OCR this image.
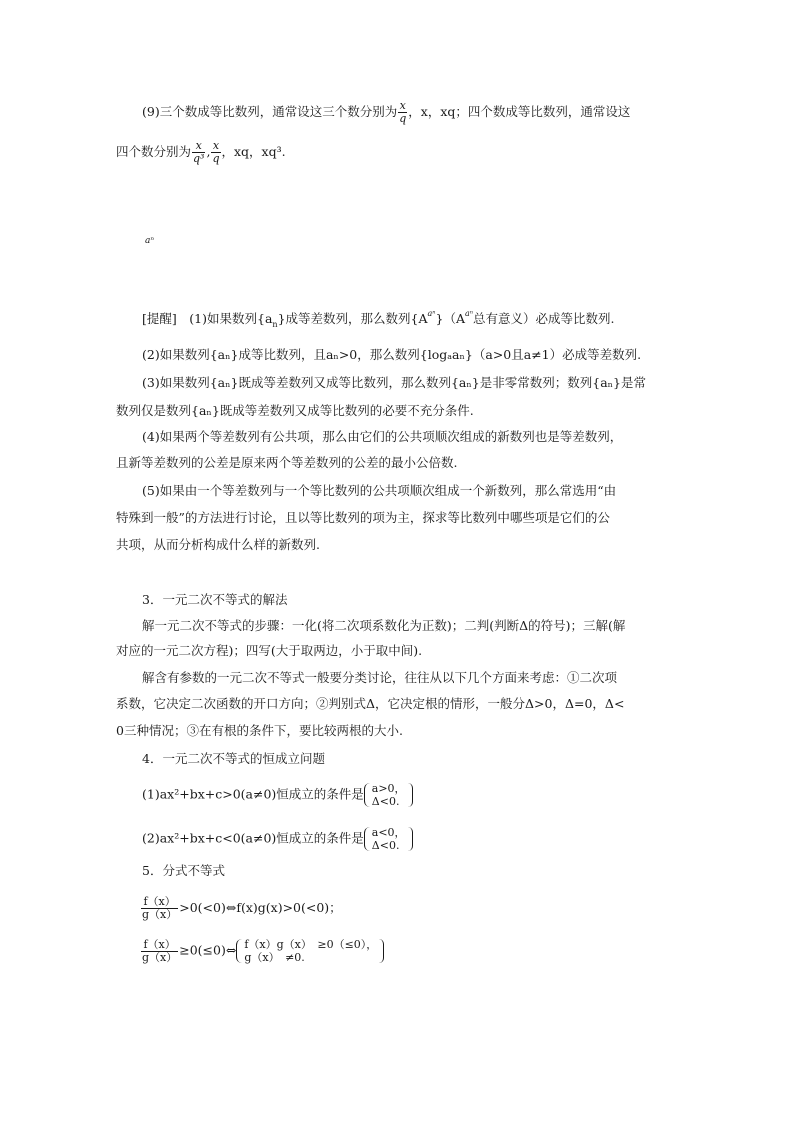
(9)三个数成等比数列，通常设这三个数分别为 $\frac{x}{q}$ ，x，xq；四个数成等比数列，通常设这
四个数分别为 $\frac{x}{\text{q³}}$ , $\frac{x}{q}$ ，xq，xq³.
aⁿ
[提醒]　 (1)如果数列$\{a_n\}$成等差数列，那么数列$\{A^{a^n}\}(A^{a^n}$总有意义）必成等比数列.
(2)如果数列{aₙ}成等比数列，且aₙ>0，那么数列{logₐaₙ}（a>0且a≠1）必成等差数列.
(3)如果数列{aₙ}既成等差数列又成等比数列，那么数列{aₙ}是非零常数列；数列{aₙ}是常
数列仅是数列{aₙ}既成等差数列又成等比数列的必要不充分条件.
(4)如果两个等差数列有公共项，那么由它们的公共项顺次组成的新数列也是等差数列，
且新等差数列的公差是原来两个等差数列的公差的最小公倍数.
(5)如果由一个等差数列与一个等比数列的公共项顺次组成一个新数列，那么常选用“由
特殊到一般”的方法进行讨论，且以等比数列的项为主，探求等比数列中哪些项是它们的公
共项，从而分析构成什么样的新数列.
3．一元二次不等式的解法
解一元二次不等式的步骤：一化(将二次项系数化为正数)；二判(判断Δ的符号)；三解(解
对应的一元二次方程)；四写(大于取两边，小于取中间).
解含有参数的一元二次不等式一般要分类讨论，往往从以下几个方面来考虑：①二次项
系数，它决定二次函数的开口方向；②判别式Δ，它决定根的情形，一般分Δ>0，Δ=0，Δ<
0三种情况；③在有根的条件下，要比较两根的大小.
4．一元二次不等式的恒成立问题
(1)ax²+bx+c>0(a≠0)恒成立的条件是 a>0，
Δ<0.
(2)ax²+bx+c<0(a≠0)恒成立的条件是 a<0，
Δ<0.
5．分式不等式
$\frac{f(x)}{g(x)}$ >0(<0)⇔f(x)g(x)>0(<0)；
$\frac{f(x)}{g(x)}$ ≥0(≤0)⇔ f（x）g（x）　≥0（≤0），
g（x）　≠0.
